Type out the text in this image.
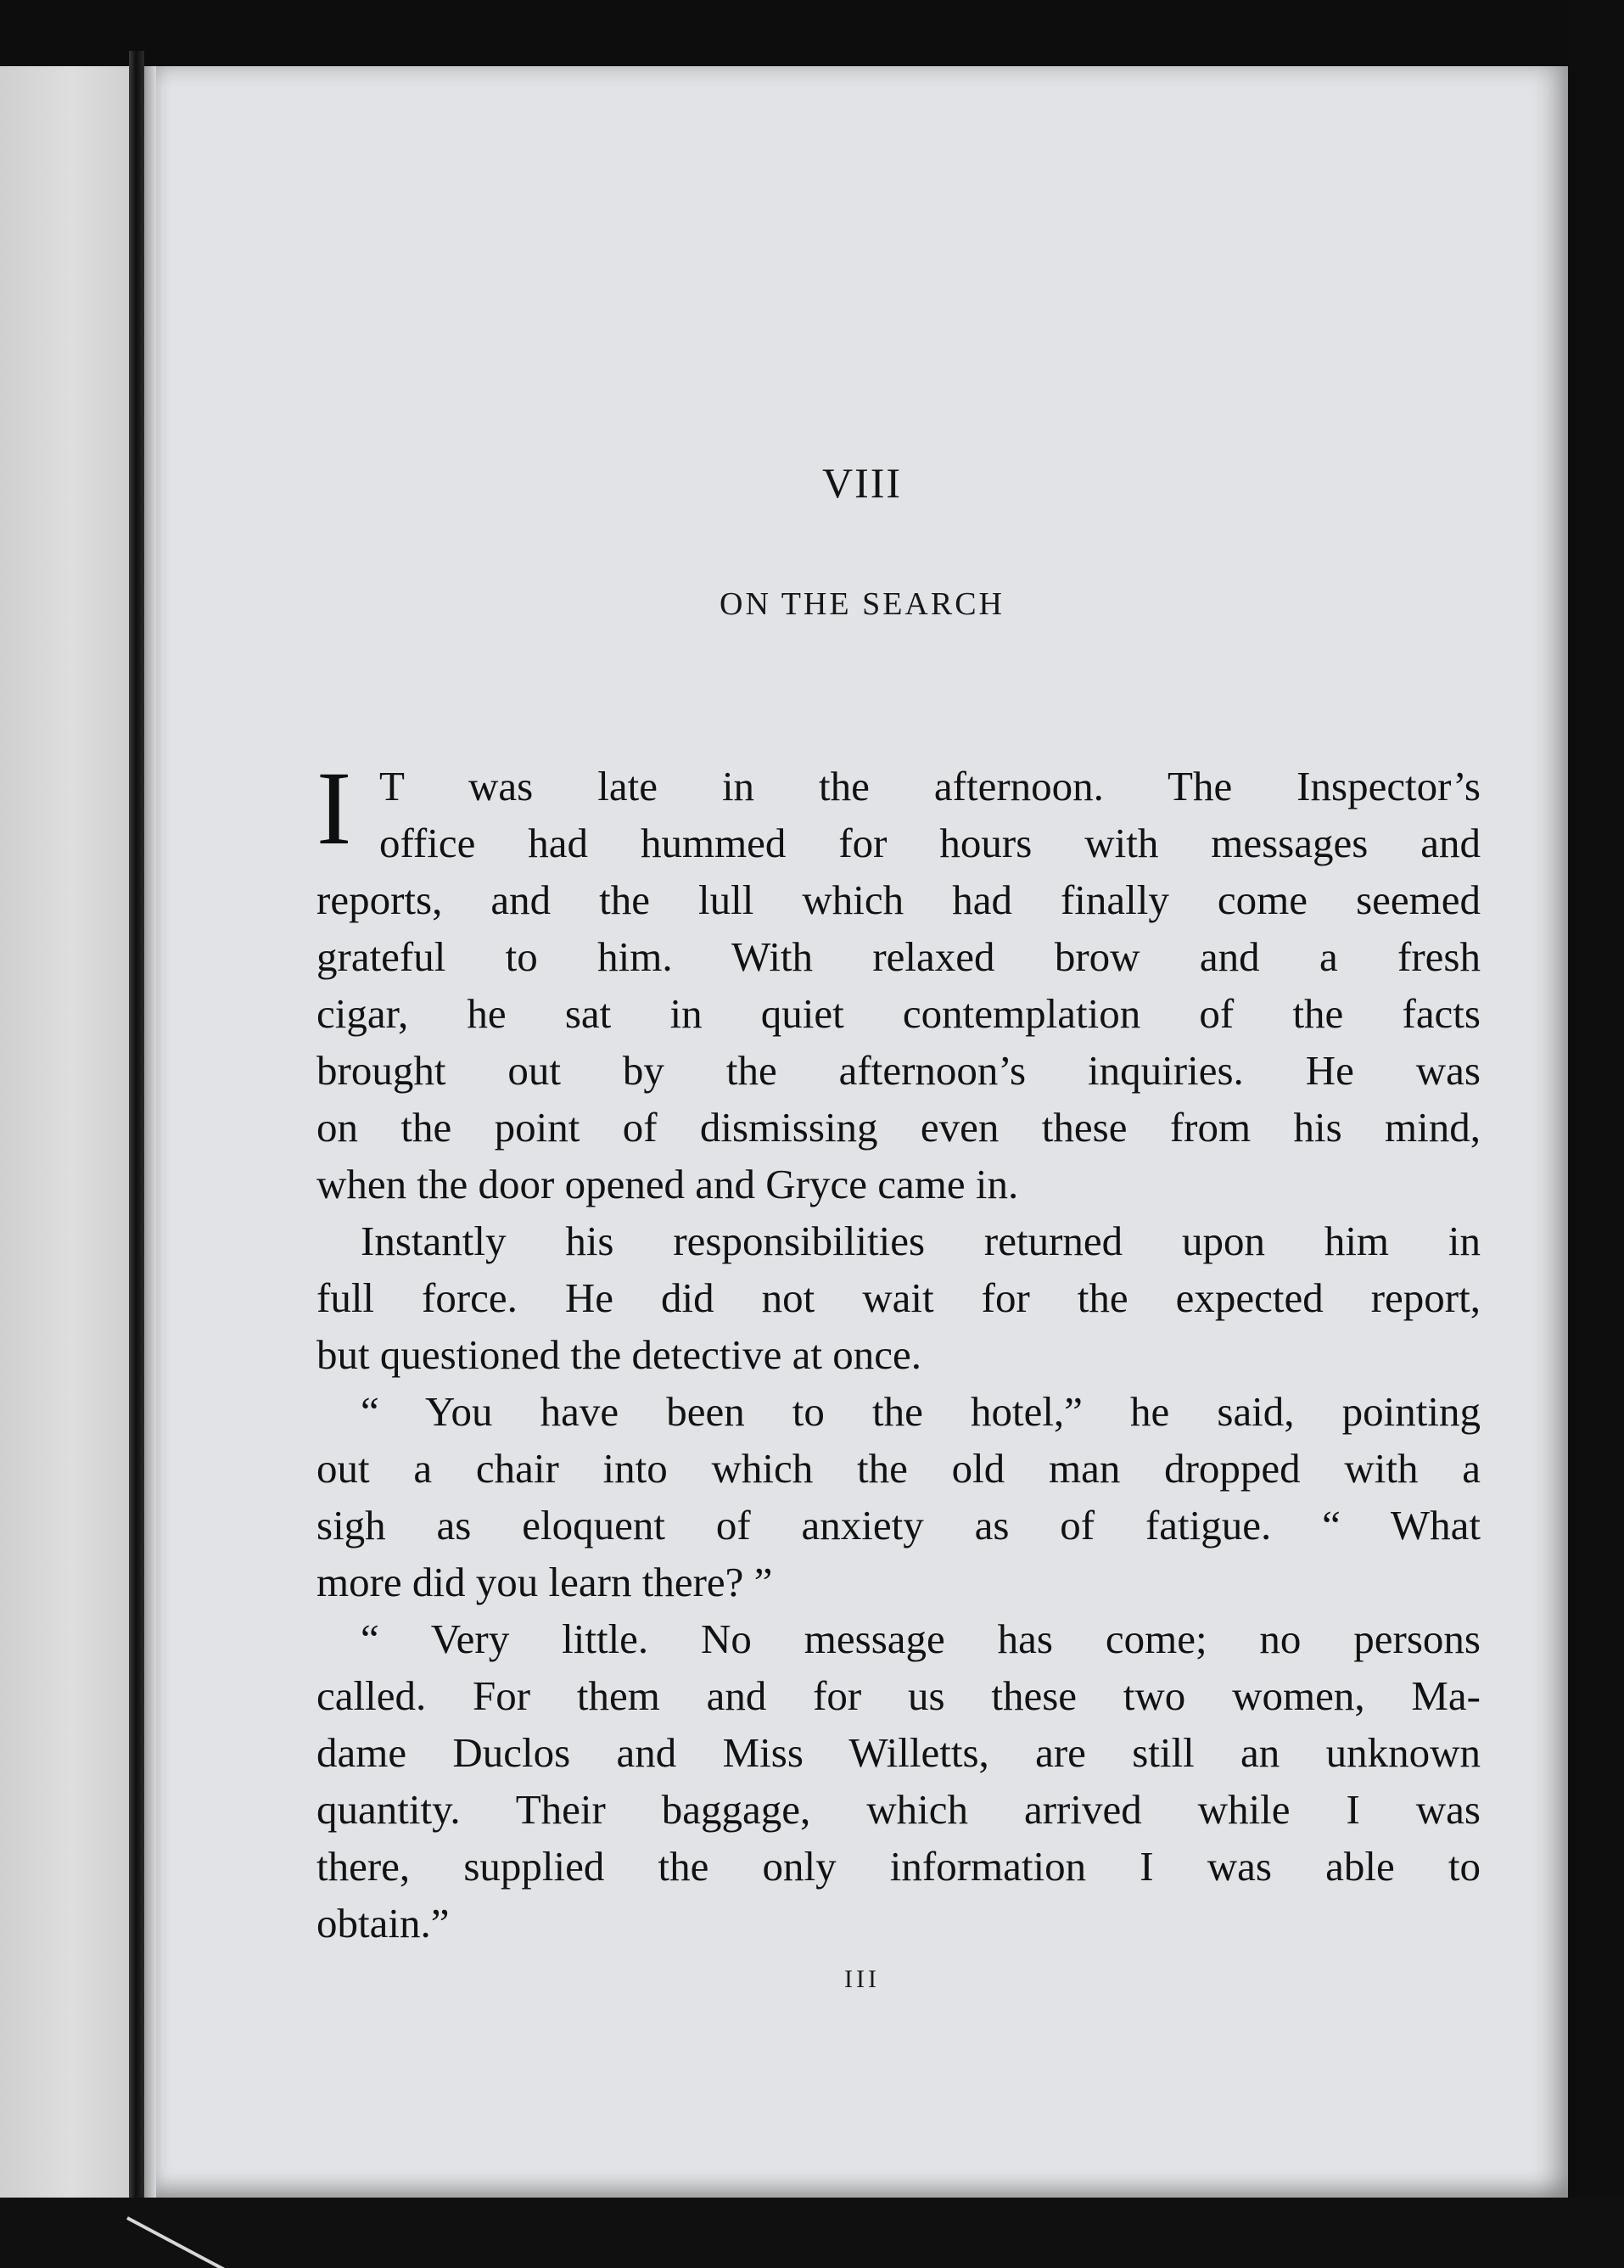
VIII
ON THE SEARCH
I T was late in the afternoon. The Inspector’s
office had hummed for hours with messages and
reports, and the lull which had finally come seemed
grateful to him. With relaxed brow and a fresh
cigar, he sat in quiet contemplation of the facts
brought out by the afternoon’s inquiries. He was
on the point of dismissing even these from his mind,
when the door opened and Gryce came in.
Instantly his responsibilities returned upon him in
full force. He did not wait for the expected report,
but questioned the detective at once.
“ You have been to the hotel,” he said, pointing
out a chair into which the old man dropped with a
sigh as eloquent of anxiety as of fatigue. “ What
more did you learn there? ”
“ Very little. No message has come; no persons
called. For them and for us these two women, Ma-
dame Duclos and Miss Willetts, are still an unknown
quantity. Their baggage, which arrived while I was
there, supplied the only information I was able to
obtain.”
III
